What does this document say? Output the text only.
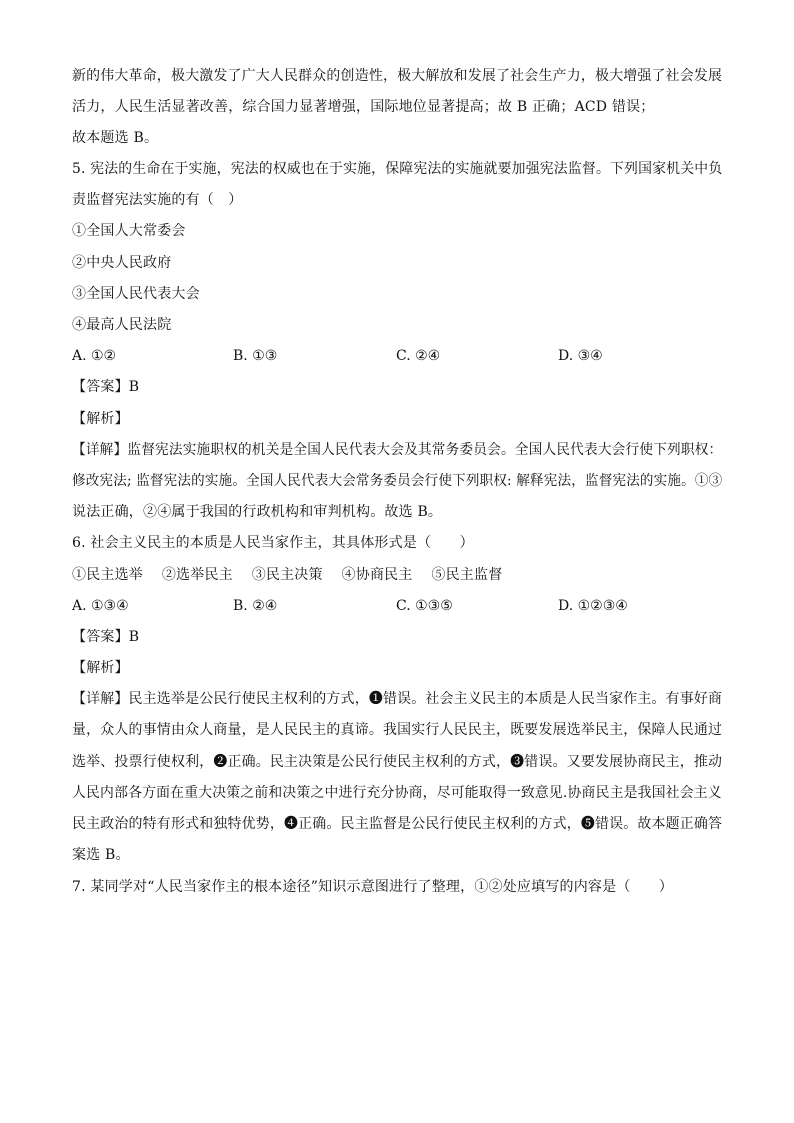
新的伟大革命，极大激发了广大人民群众的创造性，极大解放和发展了社会生产力，极大增强了社会发展
活力，人民生活显著改善，综合国力显著增强，国际地位显著提高；故 B 正确；ACD 错误；
故本题选 B。
5. 宪法的生命在于实施，宪法的权威也在于实施，保障宪法的实施就要加强宪法监督。下列国家机关中负
责监督宪法实施的有（　）
①全国人大常委会
②中央人民政府
③全国人民代表大会
④最高人民法院
A. ①②	B. ①③	C. ②④	D. ③④
【答案】B
【解析】
【详解】监督宪法实施职权的机关是全国人民代表大会及其常务委员会。全国人民代表大会行使下列职权：
修改宪法; 监督宪法的实施。全国人民代表大会常务委员会行使下列职权: 解释宪法，监督宪法的实施。①③
说法正确，②④属于我国的行政机构和审判机构。故选 B。
6. 社会主义民主的本质是人民当家作主，其具体形式是（　　）
①民主选举　 ②选举民主　 ③民主决策　 ④协商民主　 ⑤民主监督
A. ①③④	B. ②④	C. ①③⑤	D. ①②③④
【答案】B
【解析】
【详解】民主选举是公民行使民主权利的方式，❶错误。社会主义民主的本质是人民当家作主。有事好商
量，众人的事情由众人商量，是人民民主的真谛。我国实行人民民主，既要发展选举民主，保障人民通过
选举、投票行使权利，❷正确。民主决策是公民行使民主权利的方式，❸错误。又要发展协商民主，推动
人民内部各方面在重大决策之前和决策之中进行充分协商，尽可能取得一致意见.协商民主是我国社会主义
民主政治的特有形式和独特优势，❹正确。民主监督是公民行使民主权利的方式，❺错误。故本题正确答
案选 B。
7. 某同学对“人民当家作主的根本途径”知识示意图进行了整理，①②处应填写的内容是（　　）
